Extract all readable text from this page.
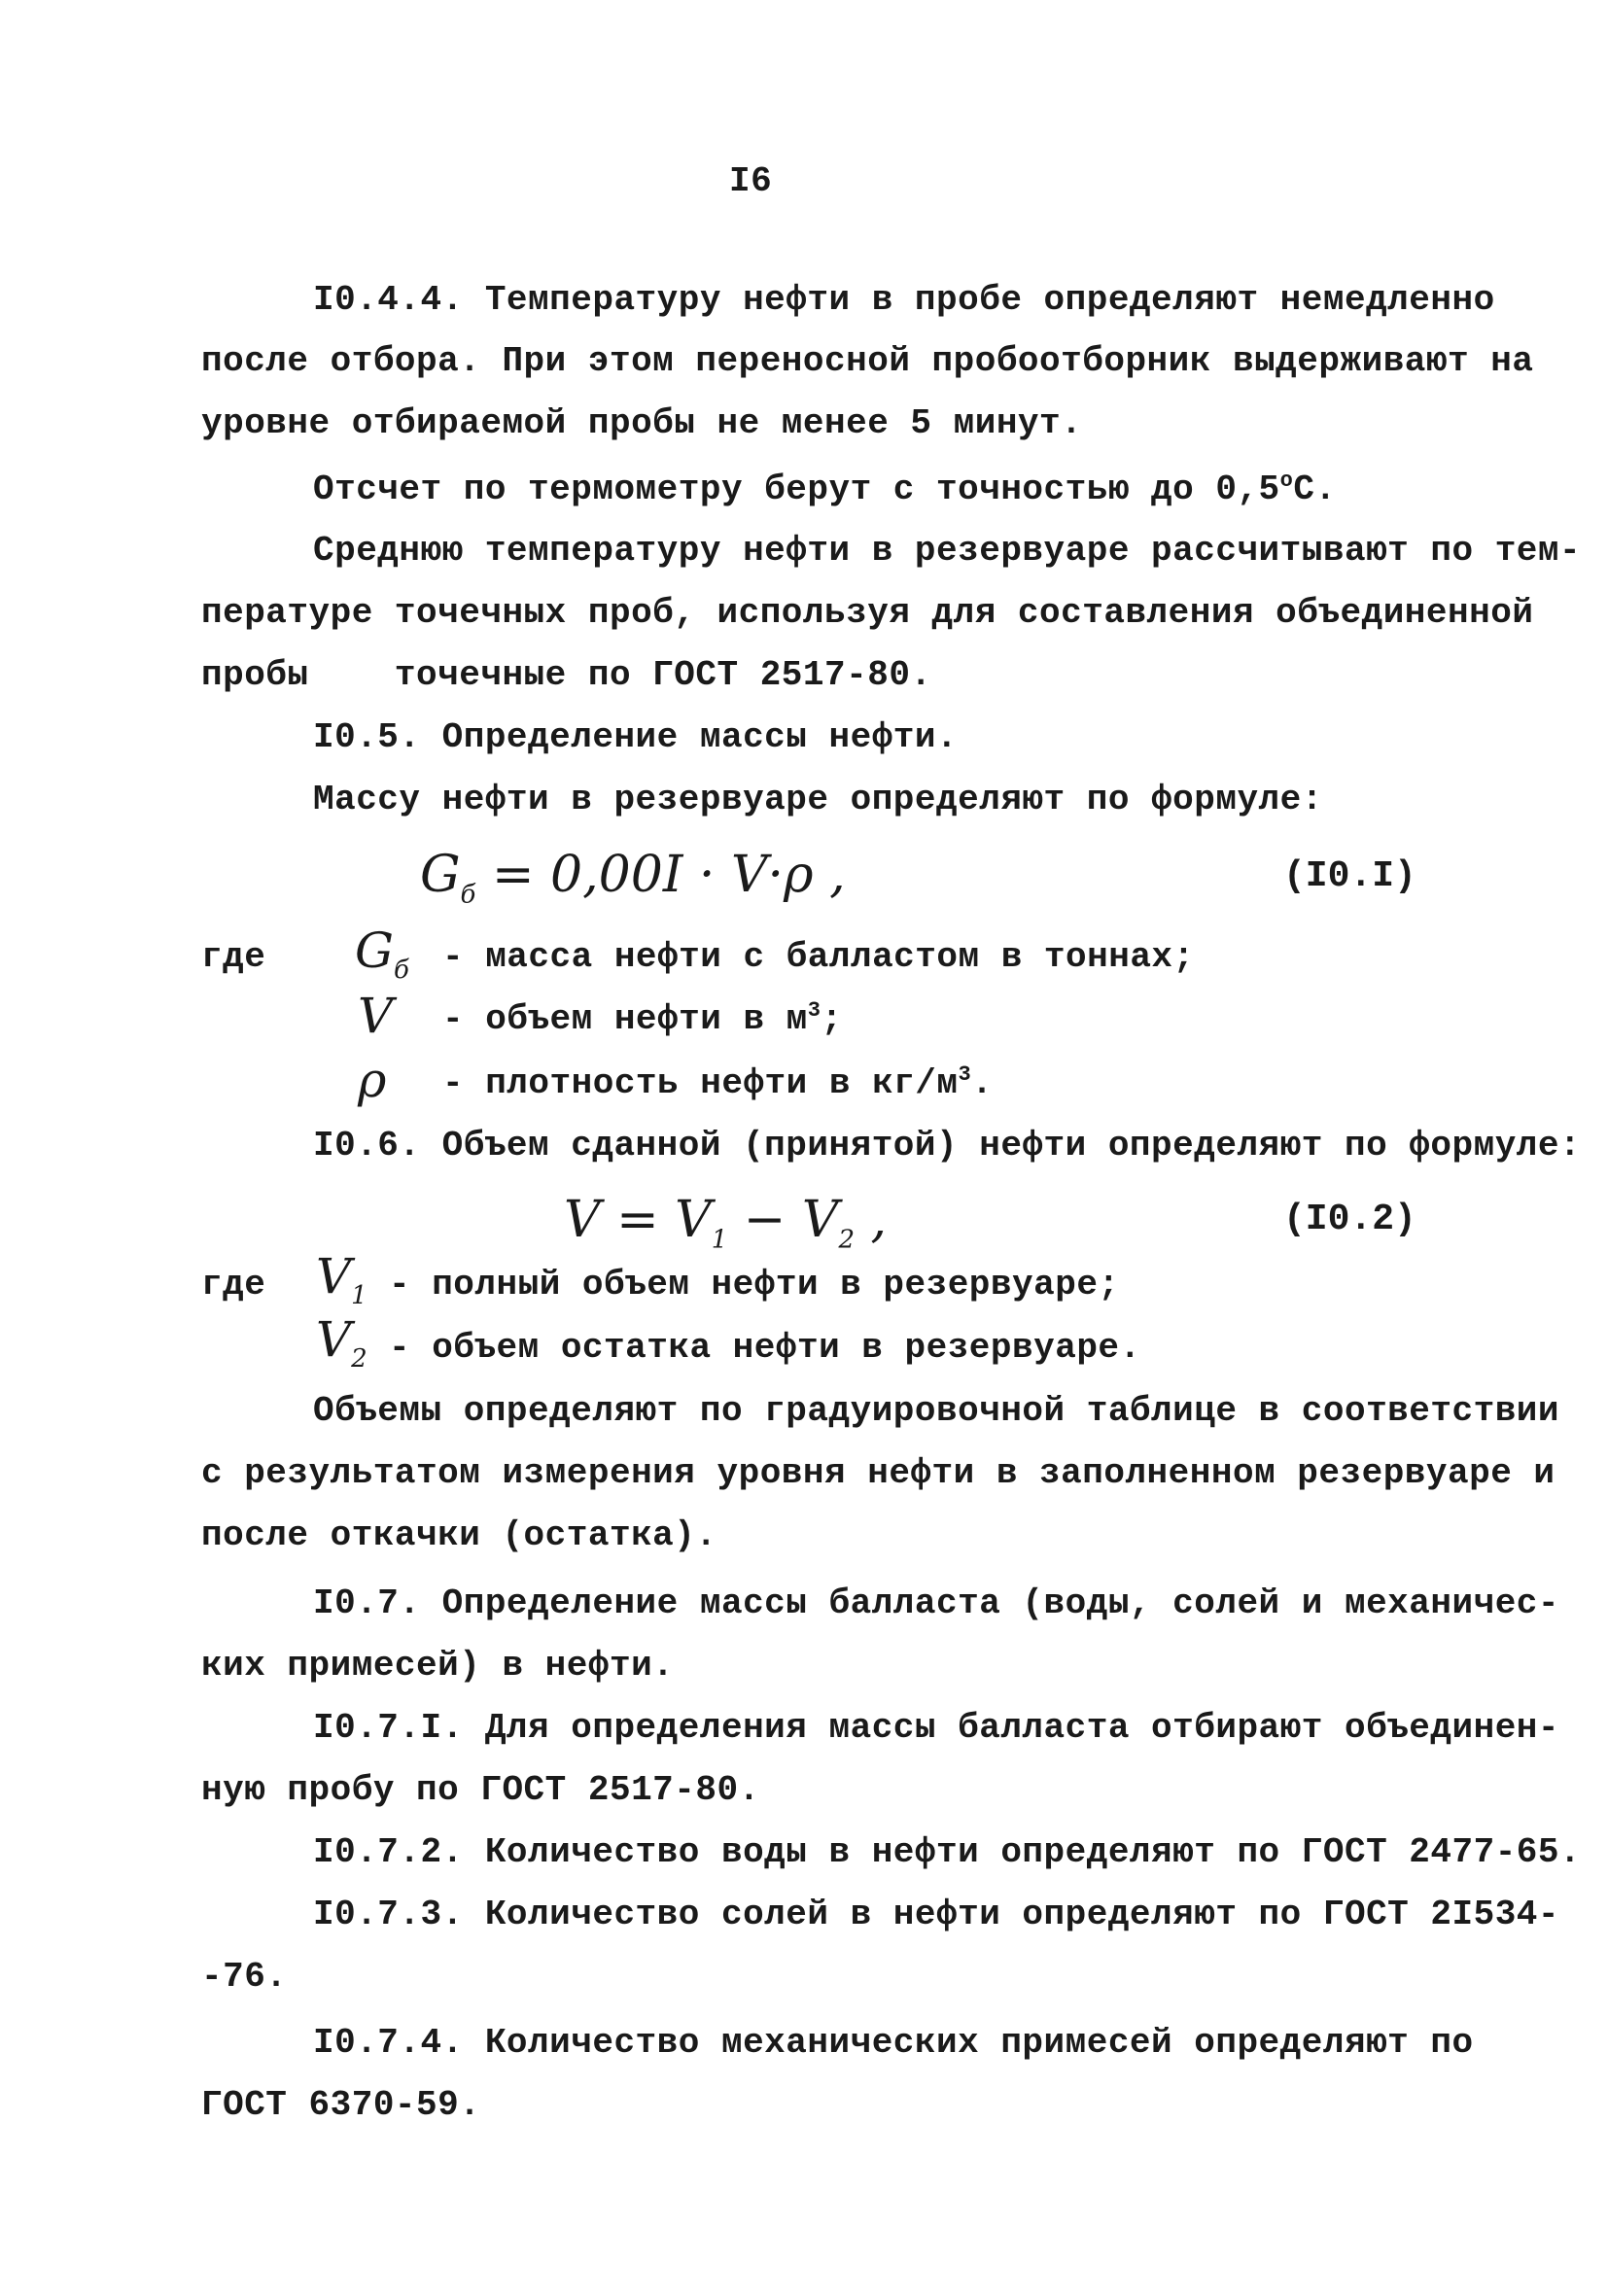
I6
I0.4.4. Температуру нефти в пробе определяют немедленно
после отбора. При этом переносной пробоотборник выдерживают на
уровне отбираемой пробы не менее 5 минут.
Отсчет по термометру берут с точностью до $0,5^оС$.
Среднюю температуру нефти в резервуаре рассчитывают по тем-
пературе точечных проб, используя для составления объединенной
пробы    точечные по ГОСТ 2517-80.
I0.5. Определение массы нефти.
Массу нефти в резервуаре определяют по формуле:
$G_б = 0,00I \cdot V\cdot\rho$ ,	(I0.I)
где $G_б$ - масса нефти с балластом в тоннах;
V - объем нефти в $м^3$;
ρ - плотность нефти в $кг/м^3$.
I0.6. Объем сданной (принятой) нефти определяют по формуле:
$V = V_1 - V_2$ ,	(I0.2)
где $V_1$ - полный объем нефти в резервуаре;
$V_2$ - объем остатка нефти в резервуаре.
Объемы определяют по градуировочной таблице в соответствии
с результатом измерения уровня нефти в заполненном резервуаре и
после откачки (остатка).
I0.7. Определение массы балласта (воды, солей и механичес-
ких примесей) в нефти.
I0.7.I. Для определения массы балласта отбирают объединен-
ную пробу по ГОСТ 2517-80.
I0.7.2. Количество воды в нефти определяют по ГОСТ 2477-65.
I0.7.3. Количество солей в нефти определяют по ГОСТ 2I534-
-76.
I0.7.4. Количество механических примесей определяют по
ГОСТ 6370-59.
